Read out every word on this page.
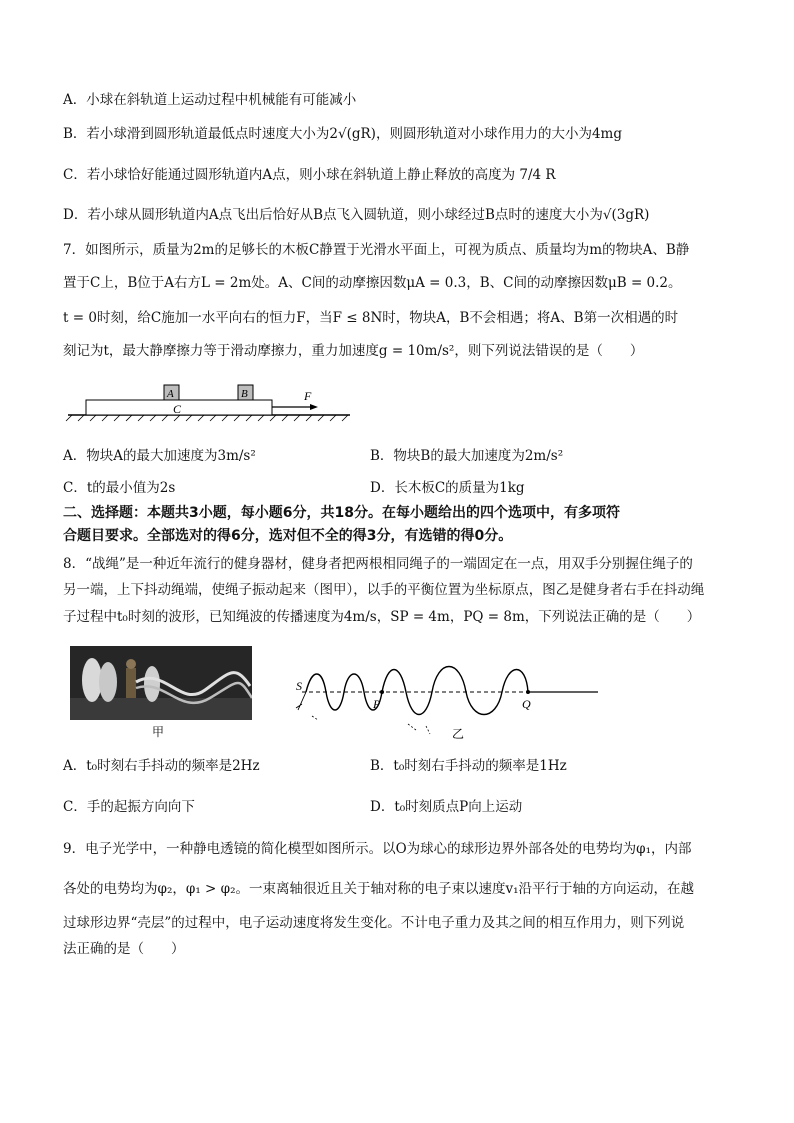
A．小球在斜轨道上运动过程中机械能有可能减小
B．若小球滑到圆形轨道最低点时速度大小为2√(gR)，则圆形轨道对小球作用力的大小为4mg
C．若小球恰好能通过圆形轨道内A点，则小球在斜轨道上静止释放的高度为 7/4 R
D．若小球从圆形轨道内A点飞出后恰好从B点飞入圆轨道，则小球经过B点时的速度大小为√(3gR)
7．如图所示，质量为2m的足够长的木板C静置于光滑水平面上，可视为质点、质量均为m的物块A、B静
置于C上，B位于A右方L = 2m处。A、C间的动摩擦因数μA = 0.3，B、C间的动摩擦因数μB = 0.2。
t = 0时刻，给C施加一水平向右的恒力F，当F ≤ 8N时，物块A，B不会相遇；将A、B第一次相遇的时
刻记为t，最大静摩擦力等于滑动摩擦力，重力加速度g = 10m/s²，则下列说法错误的是（　　）
A	B
C
F
A．物块A的最大加速度为3m/s²	B．物块B的最大加速度为2m/s²
C．t的最小值为2s	D．长木板C的质量为1kg
二、选择题：本题共3小题，每小题6分，共18分。在每小题给出的四个选项中，有多项符
合题目要求。全部选对的得6分，选对但不全的得3分，有选错的得0分。
8．“战绳”是一种近年流行的健身器材，健身者把两根相同绳子的一端固定在一点，用双手分别握住绳子的
另一端，上下抖动绳端，使绳子振动起来（图甲），以手的平衡位置为坐标原点，图乙是健身者右手在抖动绳
子过程中t₀时刻的波形，已知绳波的传播速度为4m/s，SP = 4m，PQ = 8m，下列说法正确的是（　　）
甲
S
P	Q
乙
A．t₀时刻右手抖动的频率是2Hz	B．t₀时刻右手抖动的频率是1Hz
C．手的起振方向向下	D．t₀时刻质点P向上运动
9．电子光学中，一种静电透镜的简化模型如图所示。以O为球心的球形边界外部各处的电势均为φ₁，内部
各处的电势均为φ₂，φ₁ > φ₂。一束离轴很近且关于轴对称的电子束以速度v₁沿平行于轴的方向运动，在越
过球形边界“壳层”的过程中，电子运动速度将发生变化。不计电子重力及其之间的相互作用力，则下列说
法正确的是（　　）
